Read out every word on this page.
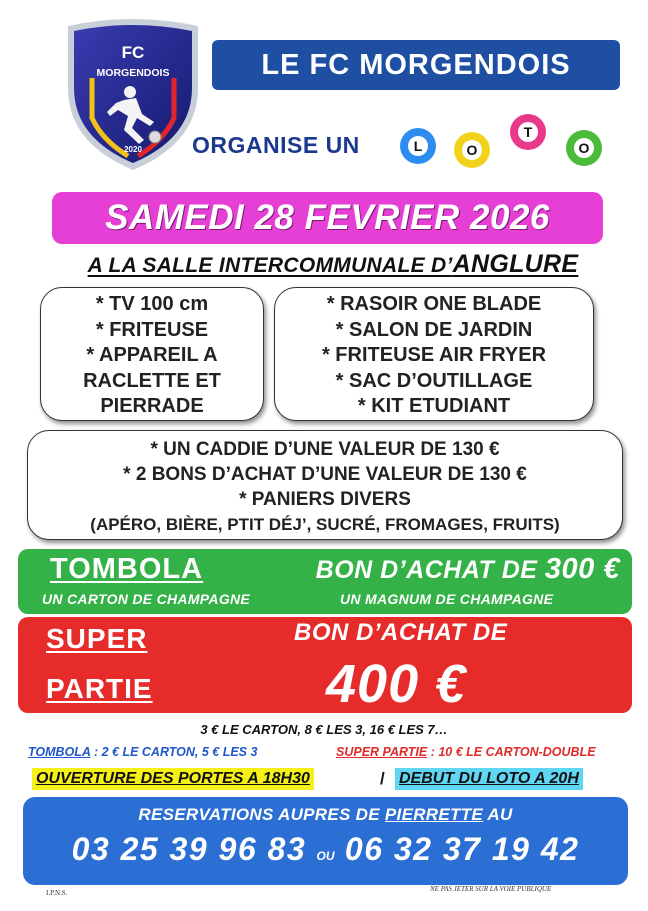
FC
MORGENDOIS
2020
LE FC MORGENDOIS
ORGANISE UN	L	O
T
O
SAMEDI 28 FEVRIER 2026
A LA SALLE INTERCOMMUNALE D’ANGLURE
* TV 100 cm
* FRITEUSE
* APPAREIL A
RACLETTE ET
PIERRADE
* RASOIR ONE BLADE
* SALON DE JARDIN
* FRITEUSE AIR FRYER
* SAC D’OUTILLAGE
* KIT ETUDIANT
* UN CADDIE D’UNE VALEUR DE 130 €
* 2 BONS D’ACHAT D’UNE VALEUR DE 130 €
* PANIERS DIVERS
(APÉRO, BIÈRE, PTIT DÉJ’, SUCRÉ, FROMAGES, FRUITS)
TOMBOLA	BON D’ACHAT DE 300 €
UN CARTON DE CHAMPAGNE	UN MAGNUM DE CHAMPAGNE
SUPER
PARTIE
BON D’ACHAT DE
400 €
3 € LE CARTON, 8 € LES 3, 16 € LES 7…
TOMBOLA : 2 € LE CARTON, 5 € LES 3	SUPER PARTIE : 10 € LE CARTON-DOUBLE
OUVERTURE DES PORTES A 18H30	/ DEBUT DU LOTO A 20H
RESERVATIONS AUPRES DE PIERRETTE AU
03 25 39 96 83 OU 06 32 37 19 42
I.P.N.S.	NE PAS JETER SUR LA VOIE PUBLIQUE
